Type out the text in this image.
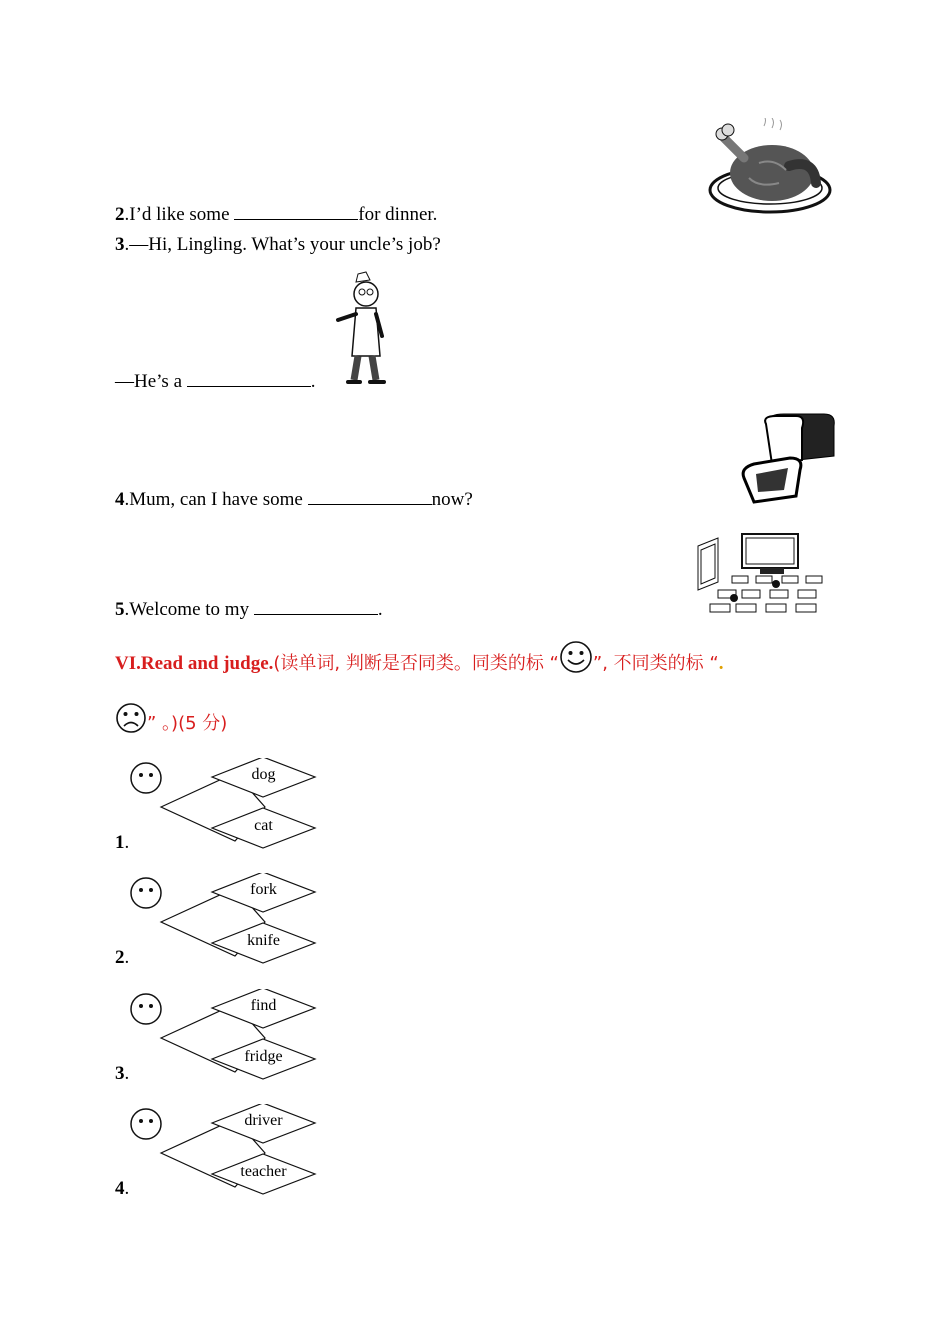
2.I’d like some	for dinner.
3.—Hi, Lingling. What’s your uncle’s job?
—He’s a	.
4.Mum, can I have some	now?
5.Welcome to my	.
VI.Read and judge.(读单词, 判断是否同类。同类的标 “ ”, 不同类的标 “.
” 。)(5 分)
dog
cat
1.
fork
knife
2.
find
fridge
3.
driver
teacher
4.
